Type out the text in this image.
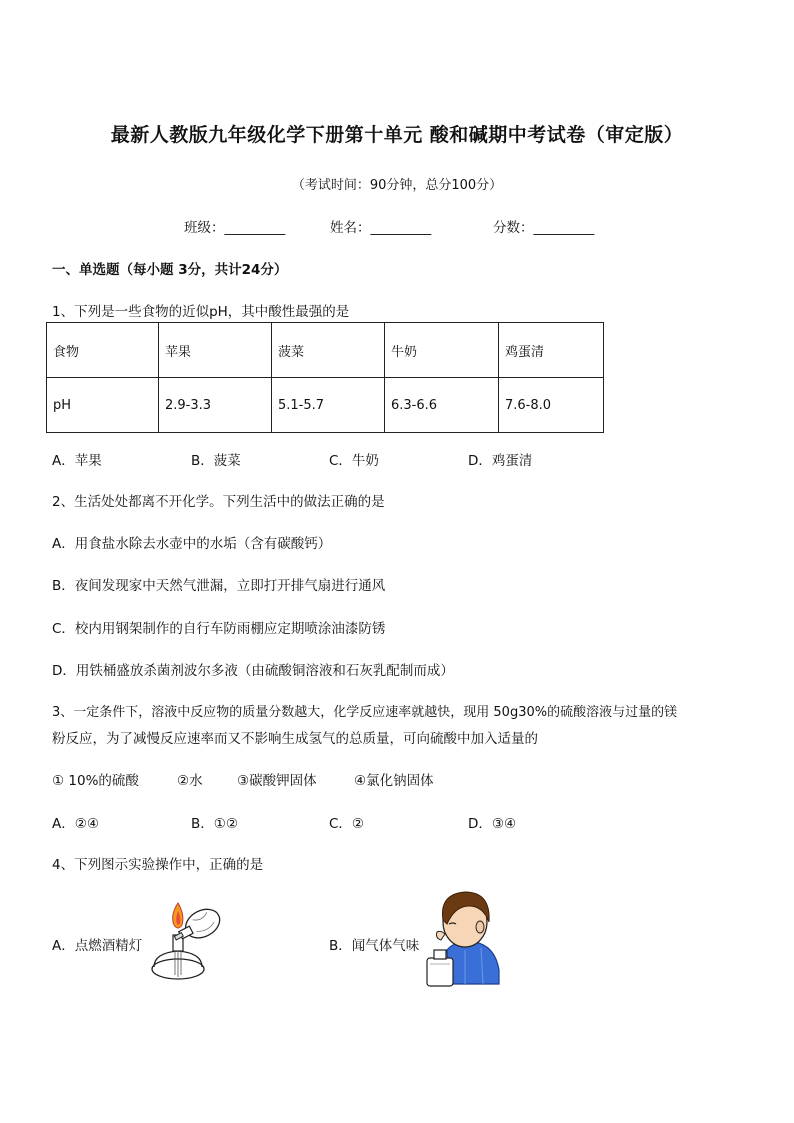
最新人教版九年级化学下册第十单元 酸和碱期中考试卷（审定版）
（考试时间：90分钟，总分100分）
班级：_________	姓名：_________	分数：_________
一、单选题（每小题 3分，共计24分）
1、下列是一些食物的近似pH，其中酸性最强的是
食物	苹果	菠菜	牛奶	鸡蛋清
pH	2.9-3.3	5.1-5.7	6.3-6.6	7.6-8.0
A．苹果	B．菠菜	C．牛奶	D．鸡蛋清
2、生活处处都离不开化学。下列生活中的做法正确的是
A．用食盐水除去水壶中的水垢（含有碳酸钙）
B．夜间发现家中天然气泄漏，立即打开排气扇进行通风
C．校内用钢架制作的自行车防雨棚应定期喷涂油漆防锈
D．用铁桶盛放杀菌剂波尔多液（由硫酸铜溶液和石灰乳配制而成）
3、一定条件下，溶液中反应物的质量分数越大，化学反应速率就越快，现用 50g30%的硫酸溶液与过量的镁
粉反应，为了减慢反应速率而又不影响生成氢气的总质量，可向硫酸中加入适量的
① 10%的硫酸	②水	③碳酸钾固体	④氯化钠固体
A．②④	B．①②	C．②	D．③④
4、下列图示实验操作中，正确的是
A．点燃酒精灯	B．闻气体气味
